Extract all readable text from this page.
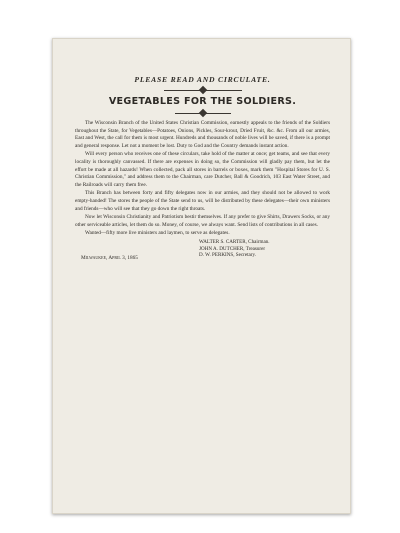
PLEASE READ AND CIRCULATE.
VEGETABLES FOR THE SOLDIERS.

The Wisconsin Branch of the United States Christian Commission, earnestly appeals to the friends of the Soldiers throughout the State, for Vegetables—Potatoes, Onions, Pickles, Sour-krout, Dried Fruit, &c. &c. From all our armies, East and West, the call for them is most urgent. Hundreds and thousands of noble lives will be saved, if there is a prompt and general response. Let not a moment be lost. Duty to God and the Country demands instant action.

Will every person who receives one of these circulars, take hold of the matter at once; get teams, and see that every locality is thoroughly canvassed. If there are expenses in doing so, the Commission will gladly pay them, but let the effort be made at all hazards! When collected, pack all stores in barrels or boxes, mark them "Hospital Stores for U. S. Christian Commission," and address them to the Chairman, care Dutcher, Ball & Goodrich, 103 East Water Street, and the Railroads will carry them free.

This Branch has between forty and fifty delegates now in our armies, and they should not be allowed to work empty-handed! The stores the people of the State send to us, will be distributed by these delegates—their own ministers and friends—who will see that they go down the right throats.

Now let Wisconsin Christianity and Patriotism bestir themselves. If any prefer to give Shirts, Drawers Socks, or any other serviceable articles, let them do so. Money, of course, we always want. Send lists of contributions in all cases.

Wanted—fifty more live ministers and laymen, to serve as delegates.

Milwaukee, April 3, 1865
WALTER S. CARTER, Chairman.
JOHN A. DUTCHER, Treasurer
D. W. PERKINS, Secretary.
